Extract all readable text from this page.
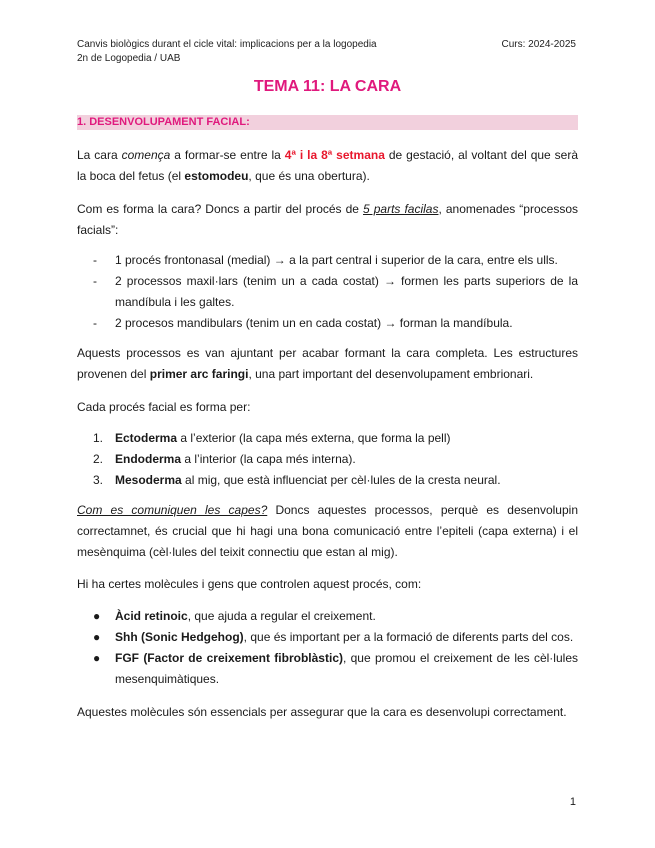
Canvis biològics durant el cicle vital: implicacions per a la logopedia
2n de Logopedia / UAB
Curs: 2024-2025
TEMA 11: LA CARA
1. DESENVOLUPAMENT FACIAL:

La cara comença a formar-se entre la 4ª i la 8ª setmana de gestació, al voltant del que serà la boca del fetus (el estomodeu, que és una obertura).

Com es forma la cara? Doncs a partir del procés de 5 parts facilas, anomenades “processos facials”:

- 1 procés frontonasal (medial) → a la part central i superior de la cara, entre els ulls.
- 2 processos maxil·lars (tenim un a cada costat) → formen les parts superiors de la mandíbula i les galtes.
- 2 procesos mandibulars (tenim un en cada costat) → forman la mandíbula.

Aquests processos es van ajuntant per acabar formant la cara completa. Les estructures provenen del primer arc faringi, una part important del desenvolupament embrionari.

Cada procés facial es forma per:

1. Ectoderma a l’exterior (la capa més externa, que forma la pell)
2. Endoderma a l’interior (la capa més interna).
3. Mesoderma al mig, que està influenciat per cèl·lules de la cresta neural.

Com es comuniquen les capes? Doncs aquestes processos, perquè es desenvolupin correctamnet, és crucial que hi hagi una bona comunicació entre l’epiteli (capa externa) i el mesènquima (cèl·lules del teixit connectiu que estan al mig).

Hi ha certes molècules i gens que controlen aquest procés, com:

● Àcid retinoic, que ajuda a regular el creixement.
● Shh (Sonic Hedgehog), que és important per a la formació de diferents parts del cos.
● FGF (Factor de creixement fibroblàstic), que promou el creixement de les cèl·lules mesenquimàtiques.

Aquestes molècules són essencials per assegurar que la cara es desenvolupi correctament.

1
